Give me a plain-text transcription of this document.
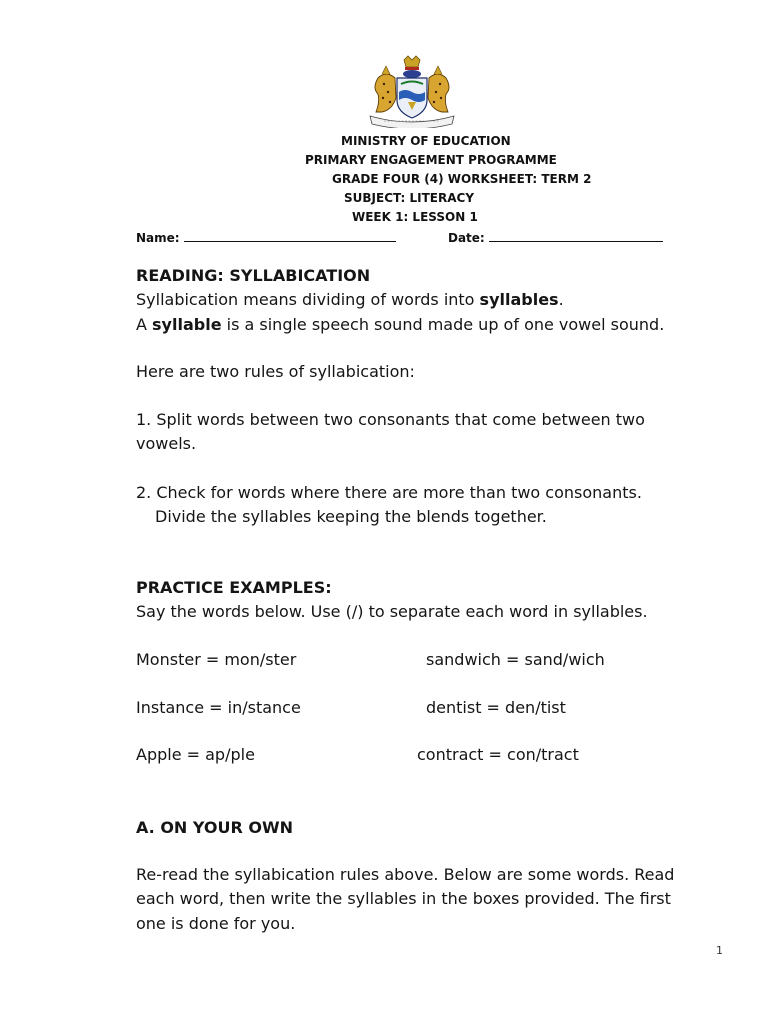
MINISTRY OF EDUCATION
PRIMARY ENGAGEMENT PROGRAMME
GRADE FOUR (4) WORKSHEET: TERM 2
SUBJECT: LITERACY
WEEK 1: LESSON 1
Name:	Date:
READING: SYLLABICATION
Syllabication means dividing of words into syllables.
A syllable is a single speech sound made up of one vowel sound.
Here are two rules of syllabication:
1. Split words between two consonants that come between two
vowels.
2. Check for words where there are more than two consonants.
Divide the syllables keeping the blends together.
PRACTICE EXAMPLES:
Say the words below. Use (/) to separate each word in syllables.
Monster = mon/ster	sandwich = sand/wich
Instance = in/stance	dentist = den/tist
Apple = ap/ple	contract = con/tract
A. ON YOUR OWN
Re-read the syllabication rules above. Below are some words. Read
each word, then write the syllables in the boxes provided. The first
one is done for you.
1
